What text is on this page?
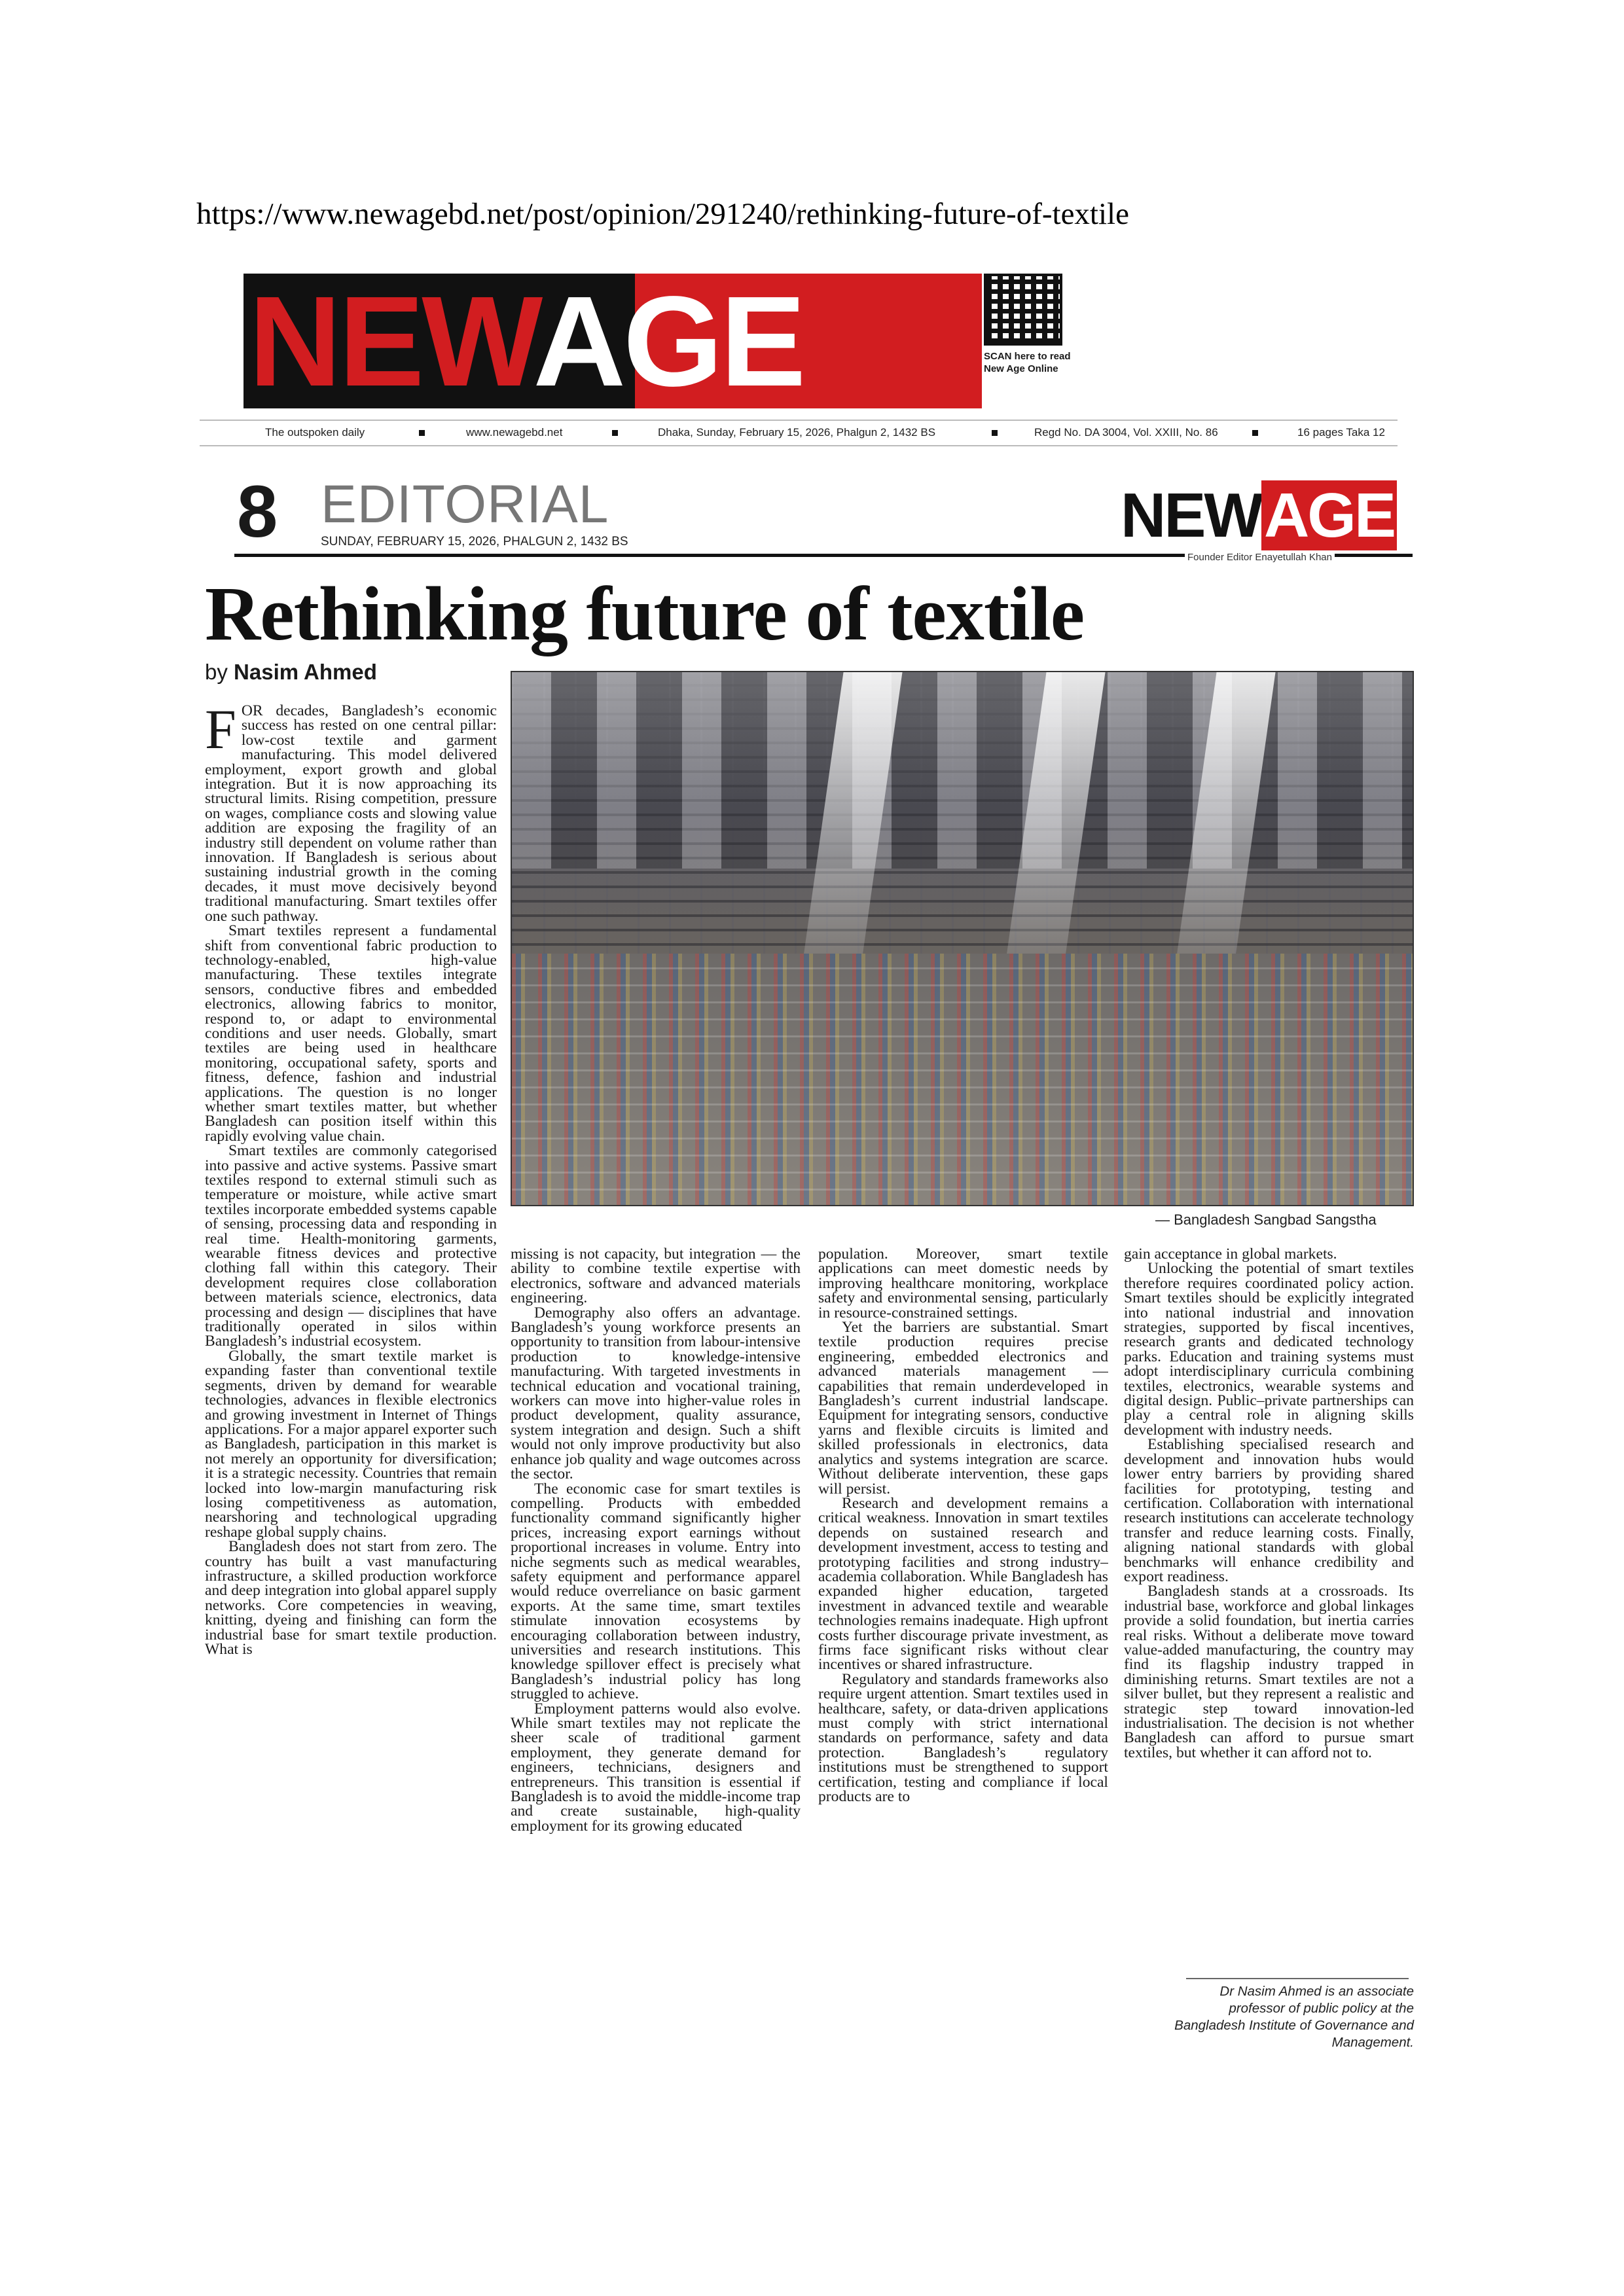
https://www.newagebd.net/post/opinion/291240/rethinking-future-of-textile
NEWAGE	SCAN here to read
New Age Online
The outspoken daily	www.newagebd.net	Dhaka, Sunday, February 15, 2026, Phalgun 2, 1432 BS	Regd No. DA 3004, Vol. XXIII, No. 86	16 pages Taka 12
8 EDITORIAL
SUNDAY, FEBRUARY 15, 2026, PHALGUN 2, 1432 BS	NEWAGE
Founder Editor Enayetullah Khan
Rethinking future of textile
by Nasim Ahmed
— Bangladesh Sangbad Sangstha

FOR decades, Bangladesh’s economic success has rested on one central pillar: low-cost textile and garment manufacturing. This model delivered employment, export growth and global integration. But it is now approaching its structural limits. Rising competition, pressure on wages, compliance costs and slowing value addition are exposing the fragility of an industry still dependent on volume rather than innovation. If Bangladesh is serious about sustaining industrial growth in the coming decades, it must move decisively beyond traditional manufacturing. Smart textiles offer one such pathway.

Smart textiles represent a fundamental shift from conventional fabric production to technology-enabled, high-value manufacturing. These textiles integrate sensors, conductive fibres and embedded electronics, allowing fabrics to monitor, respond to, or adapt to environmental conditions and user needs. Globally, smart textiles are being used in healthcare monitoring, occupational safety, sports and fitness, defence, fashion and industrial applications. The question is no longer whether smart textiles matter, but whether Bangladesh can position itself within this rapidly evolving value chain.

Smart textiles are commonly categorised into passive and active systems. Passive smart textiles respond to external stimuli such as temperature or moisture, while active smart textiles incorporate embedded systems capable of sensing, processing data and responding in real time. Health-monitoring garments, wearable fitness devices and protective clothing fall within this category. Their development requires close collaboration between materials science, electronics, data processing and design — disciplines that have traditionally operated in silos within Bangladesh’s industrial ecosystem.

Globally, the smart textile market is expanding faster than conventional textile segments, driven by demand for wearable technologies, advances in flexible electronics and growing investment in Internet of Things applications. For a major apparel exporter such as Bangladesh, participation in this market is not merely an opportunity for diversification; it is a strategic necessity. Countries that remain locked into low-margin manufacturing risk losing competitiveness as automation, nearshoring and technological upgrading reshape global supply chains.

Bangladesh does not start from zero. The country has built a vast manufacturing infrastructure, a skilled production workforce and deep integration into global apparel supply networks. Core competencies in weaving, knitting, dyeing and finishing can form the industrial base for smart textile production. What is

missing is not capacity, but integration — the ability to combine textile expertise with electronics, software and advanced materials engineering.

Demography also offers an advantage. Bangladesh’s young workforce presents an opportunity to transition from labour-intensive production to knowledge-intensive manufacturing. With targeted investments in technical education and vocational training, workers can move into higher-value roles in product development, quality assurance, system integration and design. Such a shift would not only improve productivity but also enhance job quality and wage outcomes across the sector.

The economic case for smart textiles is compelling. Products with embedded functionality command significantly higher prices, increasing export earnings without proportional increases in volume. Entry into niche segments such as medical wearables, safety equipment and performance apparel would reduce overreliance on basic garment exports. At the same time, smart textiles stimulate innovation ecosystems by encouraging collaboration between industry, universities and research institutions. This knowledge spillover effect is precisely what Bangladesh’s industrial policy has long struggled to achieve.

Employment patterns would also evolve. While smart textiles may not replicate the sheer scale of traditional garment employment, they generate demand for engineers, technicians, designers and entrepreneurs. This transition is essential if Bangladesh is to avoid the middle-income trap and create sustainable, high-quality employment for its growing educated

population. Moreover, smart textile applications can meet domestic needs by improving healthcare monitoring, workplace safety and environmental sensing, particularly in resource-constrained settings.

Yet the barriers are substantial. Smart textile production requires precise engineering, embedded electronics and advanced materials management — capabilities that remain underdeveloped in Bangladesh’s current industrial landscape. Equipment for integrating sensors, conductive yarns and flexible circuits is limited and skilled professionals in electronics, data analytics and systems integration are scarce. Without deliberate intervention, these gaps will persist.

Research and development remains a critical weakness. Innovation in smart textiles depends on sustained research and development investment, access to testing and prototyping facilities and strong industry–academia collaboration. While Bangladesh has expanded higher education, targeted investment in advanced textile and wearable technologies remains inadequate. High upfront costs further discourage private investment, as firms face significant risks without clear incentives or shared infrastructure.

Regulatory and standards frameworks also require urgent attention. Smart textiles used in healthcare, safety, or data-driven applications must comply with strict international standards on performance, safety and data protection. Bangladesh’s regulatory institutions must be strengthened to support certification, testing and compliance if local products are to

gain acceptance in global markets.

Unlocking the potential of smart textiles therefore requires coordinated policy action. Smart textiles should be explicitly integrated into national industrial and innovation strategies, supported by fiscal incentives, research grants and dedicated technology parks. Education and training systems must adopt interdisciplinary curricula combining textiles, electronics, wearable systems and digital design. Public–private partnerships can play a central role in aligning skills development with industry needs.

Establishing specialised research and development and innovation hubs would lower entry barriers by providing shared facilities for prototyping, testing and certification. Collaboration with international research institutions can accelerate technology transfer and reduce learning costs. Finally, aligning national standards with global benchmarks will enhance credibility and export readiness.

Bangladesh stands at a crossroads. Its industrial base, workforce and global linkages provide a solid foundation, but inertia carries real risks. Without a deliberate move toward value-added manufacturing, the country may find its flagship industry trapped in diminishing returns. Smart textiles are not a silver bullet, but they represent a realistic and strategic step toward innovation-led industrialisation. The decision is not whether Bangladesh can afford to pursue smart textiles, but whether it can afford not to.

Dr Nasim Ahmed is an associate
professor of public policy at the
Bangladesh Institute of Governance and
Management.
